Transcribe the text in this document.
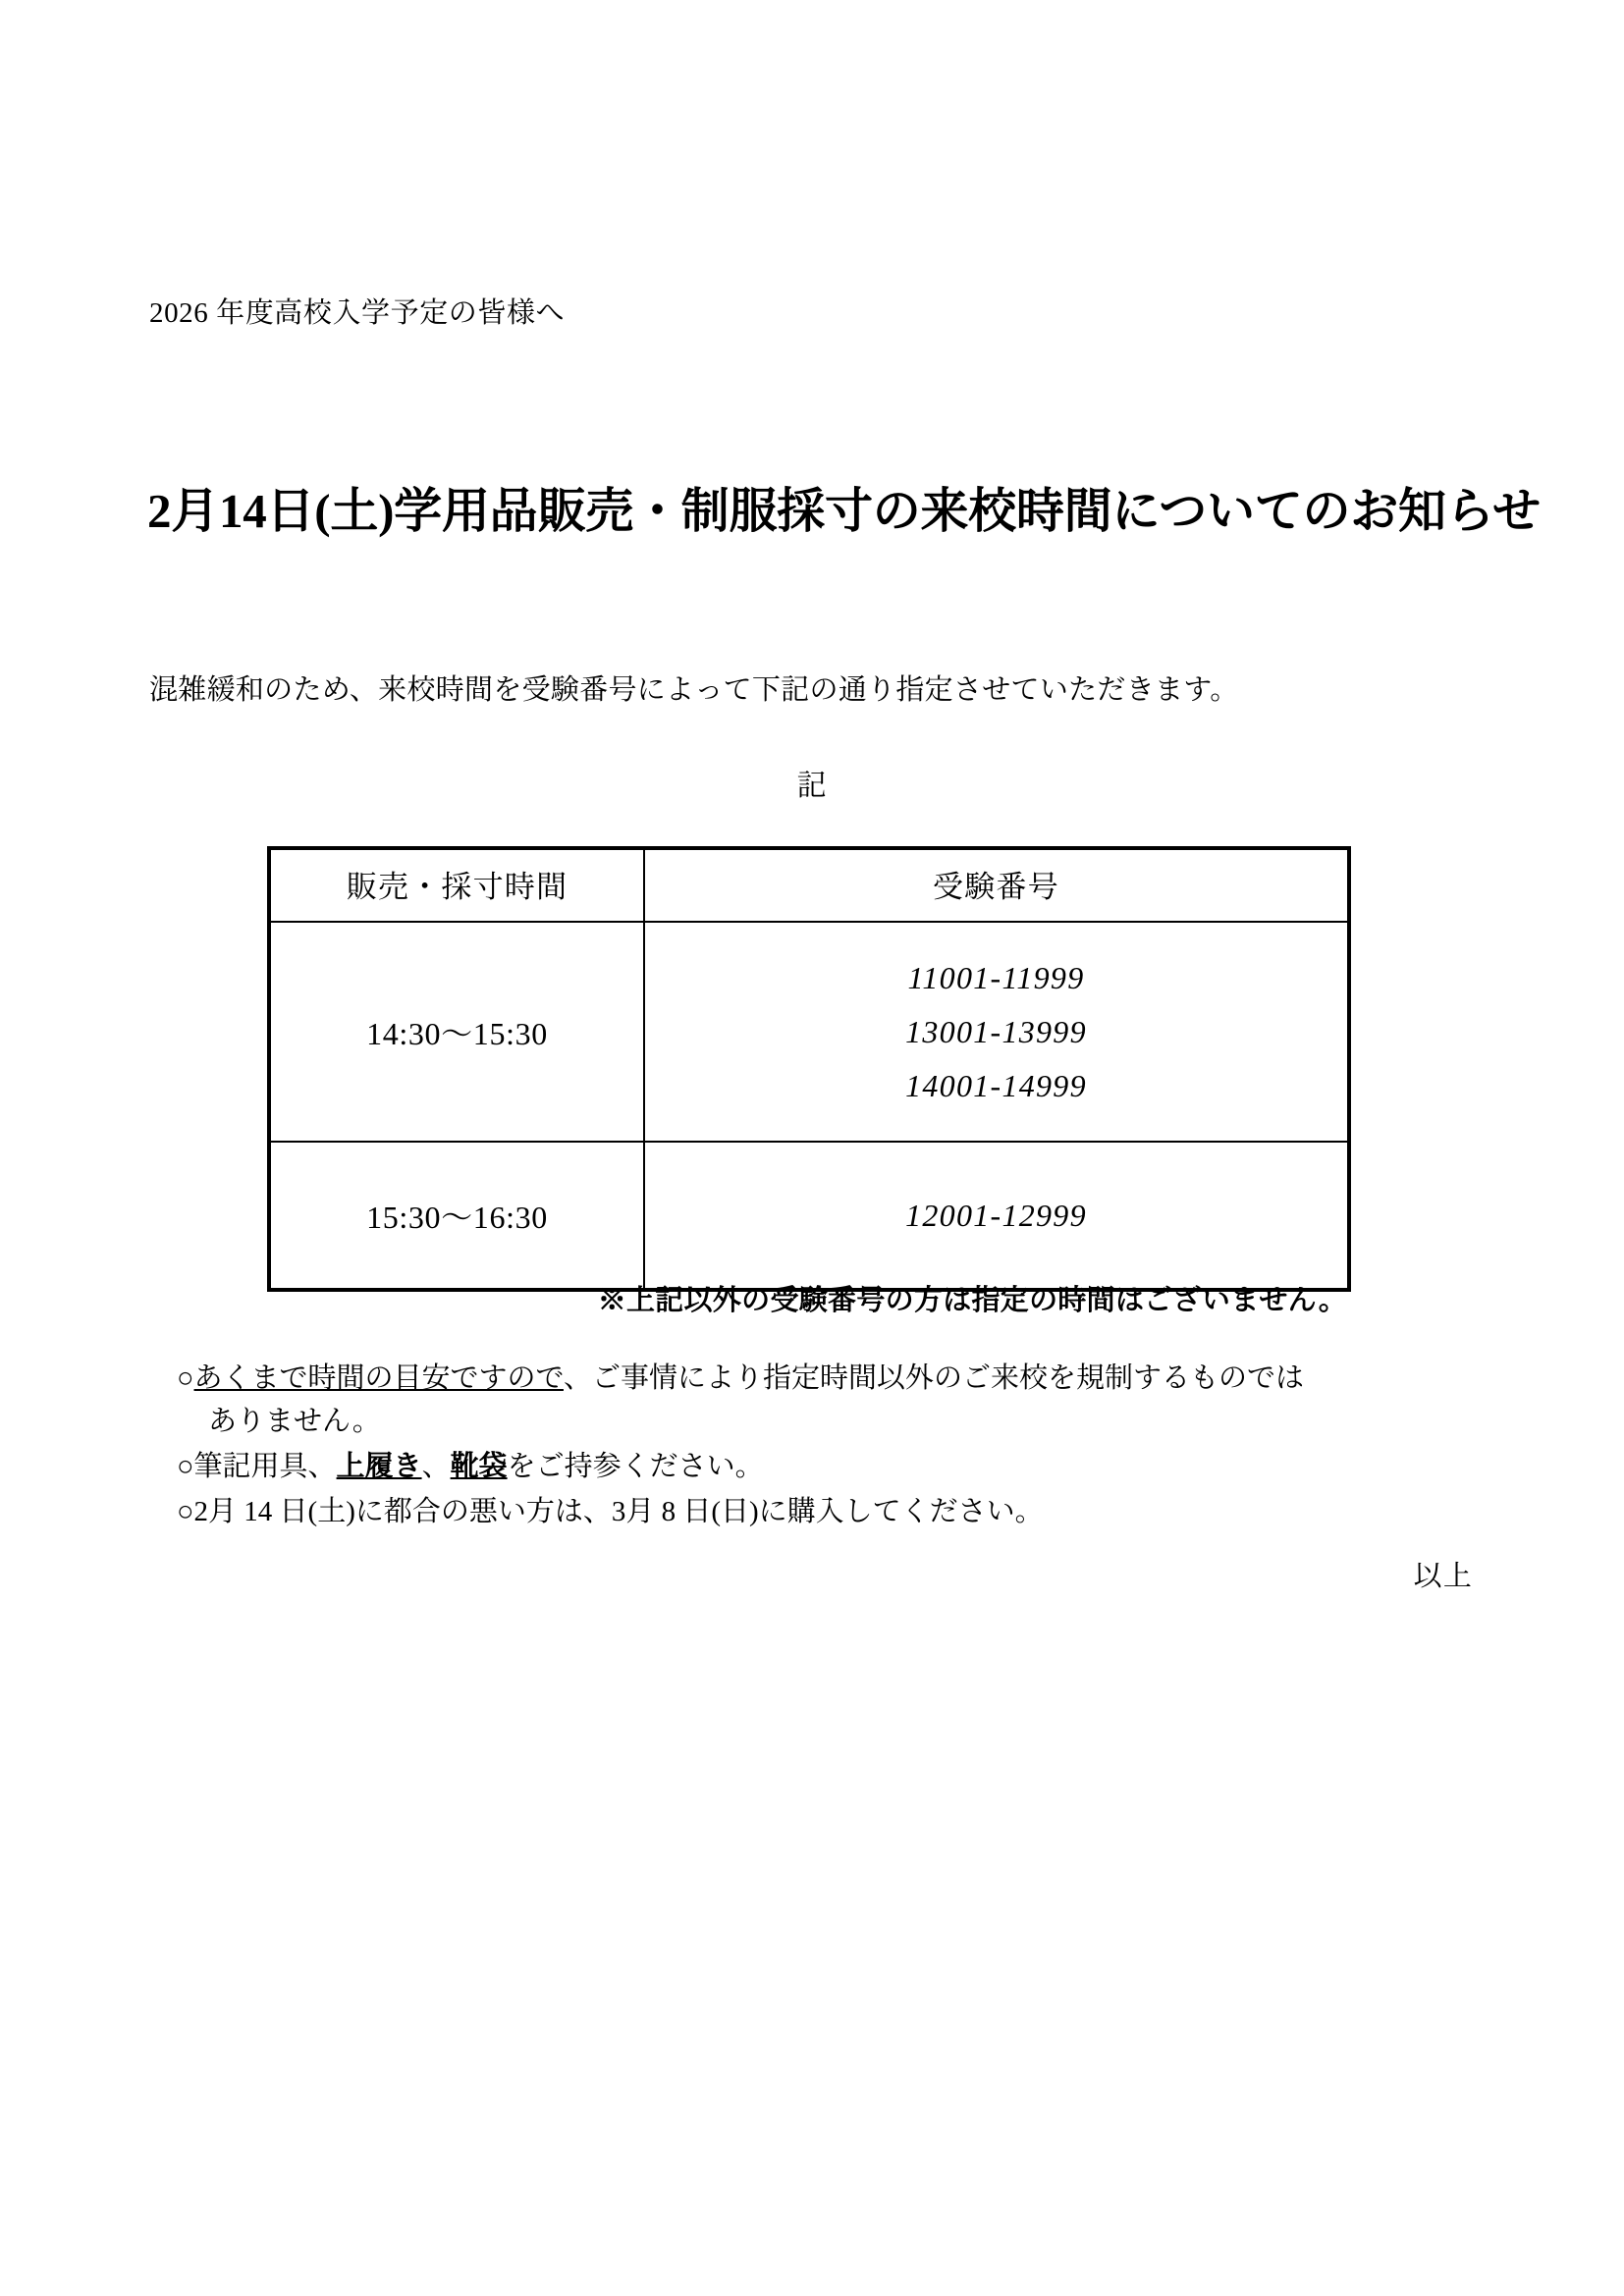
2026 年度高校入学予定の皆様へ
2月14日(土)学用品販売・制服採寸の来校時間についてのお知らせ
混雑緩和のため、来校時間を受験番号によって下記の通り指定させていただきます。
記
販売・採寸時間	受験番号
14:30〜15:30	11001-11999
13001-13999
14001-14999

15:30〜16:30	12001-12999
※上記以外の受験番号の方は指定の時間はございません。
○あくまで時間の目安ですので、ご事情により指定時間以外のご来校を規制するものでは
ありません。
○筆記用具、上履き、靴袋をご持参ください。
○2月 14 日(土)に都合の悪い方は、3月 8 日(日)に購入してください。
以上
